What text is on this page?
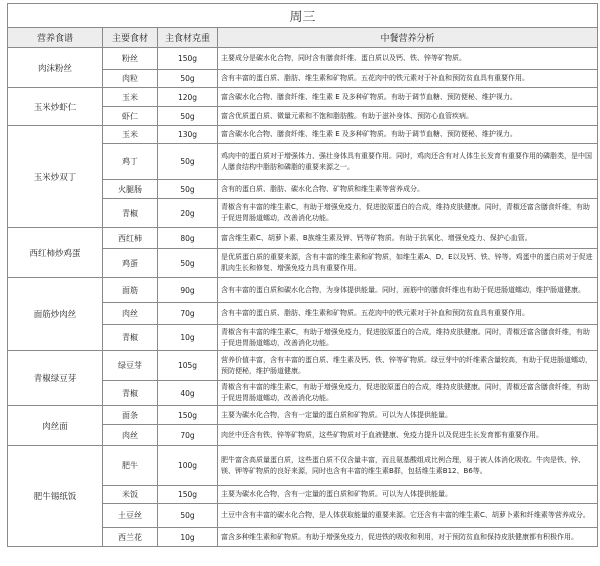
周三			
营养食谱	主要食材	主食材克重	中餐营养分析
肉沫粉丝	粉丝	150g	主要成分是碳水化合物，同时含有膳食纤维、蛋白质以及钙、铁、锌等矿物质。
	肉粒	50g	含有丰富的蛋白质、脂肪、维生素和矿物质。五花肉中的铁元素对于补血和预防贫血具有重要作用。
玉米炒虾仁	玉米	120g	富含碳水化合物、膳食纤维、维生素 E 及多种矿物质。有助于调节血糖、预防便秘、维护视力。
	虾仁	50g	富含优质蛋白质、微量元素和不饱和脂肪酸。有助于滋补身体、预防心血管疾病。
玉米炒双丁	玉米	130g	富含碳水化合物、膳食纤维、维生素 E 及多种矿物质。有助于调节血糖、预防便秘、维护视力。
	鸡丁	50g	鸡肉中的蛋白质对于增强体力、强壮身体具有重要作用。同时，鸡肉还含有对人体生长发育有重要作用的磷脂类，是中国人膳食结构中脂肪和磷脂的重要来源之一。
	火腿肠	50g	含有的蛋白质、脂肪、碳水化合物、矿物质和维生素等营养成分。
	青椒	20g	青椒含有丰富的维生素C，有助于增强免疫力，促进胶原蛋白的合成，维持皮肤健康。同时，青椒还富含膳食纤维，有助于促进胃肠道蠕动，改善消化功能。
西红柿炒鸡蛋	西红柿	80g	富含维生素C、胡萝卜素、B族维生素及钾、钙等矿物质。有助于抗氧化、增强免疫力、保护心血管。
	鸡蛋	50g	是优质蛋白质的重要来源，含有丰富的维生素和矿物质，如维生素A、D、E以及钙、铁、锌等。鸡蛋中的蛋白质对于促进肌肉生长和修复、增强免疫力具有重要作用。
面筋炒肉丝	面筋	90g	含有丰富的蛋白质和碳水化合物，为身体提供能量。同时，面筋中的膳食纤维也有助于促进肠道蠕动，维护肠道健康。
	肉丝	70g	含有丰富的蛋白质、脂肪、维生素和矿物质。五花肉中的铁元素对于补血和预防贫血具有重要作用。
	青椒	10g	青椒含有丰富的维生素C，有助于增强免疫力，促进胶原蛋白的合成，维持皮肤健康。同时，青椒还富含膳食纤维，有助于促进胃肠道蠕动，改善消化功能。
青椒绿豆芽	绿豆芽	105g	营养价值丰富，含有丰富的蛋白质、维生素及钙、铁、锌等矿物质。绿豆芽中的纤维素含量较高，有助于促进肠道蠕动，预防便秘，维护肠道健康。
	青椒	40g	青椒含有丰富的维生素C，有助于增强免疫力，促进胶原蛋白的合成，维持皮肤健康。同时，青椒还富含膳食纤维，有助于促进胃肠道蠕动，改善消化功能。
肉丝面	面条	150g	主要为碳水化合物，含有一定量的蛋白质和矿物质。可以为人体提供能量。
	肉丝	70g	肉丝中还含有铁、锌等矿物质，这些矿物质对于血液健康、免疫力提升以及促进生长发育都有重要作用。
肥牛锡纸饭	肥牛	100g	肥牛富含高质量蛋白质，这些蛋白质不仅含量丰富，而且氨基酸组成比例合理，易于被人体消化吸收。牛肉是铁、锌、镁、钾等矿物质的良好来源，同时也含有丰富的维生素B群，包括维生素B12、B6等。
	米饭	150g	主要为碳水化合物，含有一定量的蛋白质和矿物质。可以为人体提供能量。
	土豆丝	50g	土豆中含有丰富的碳水化合物，是人体获取能量的重要来源。它还含有丰富的维生素C、胡萝卜素和纤维素等营养成分。
	西兰花	10g	富含多种维生素和矿物质。有助于增强免疫力，促进铁的吸收和利用，对于预防贫血和保持皮肤健康都有积极作用。
